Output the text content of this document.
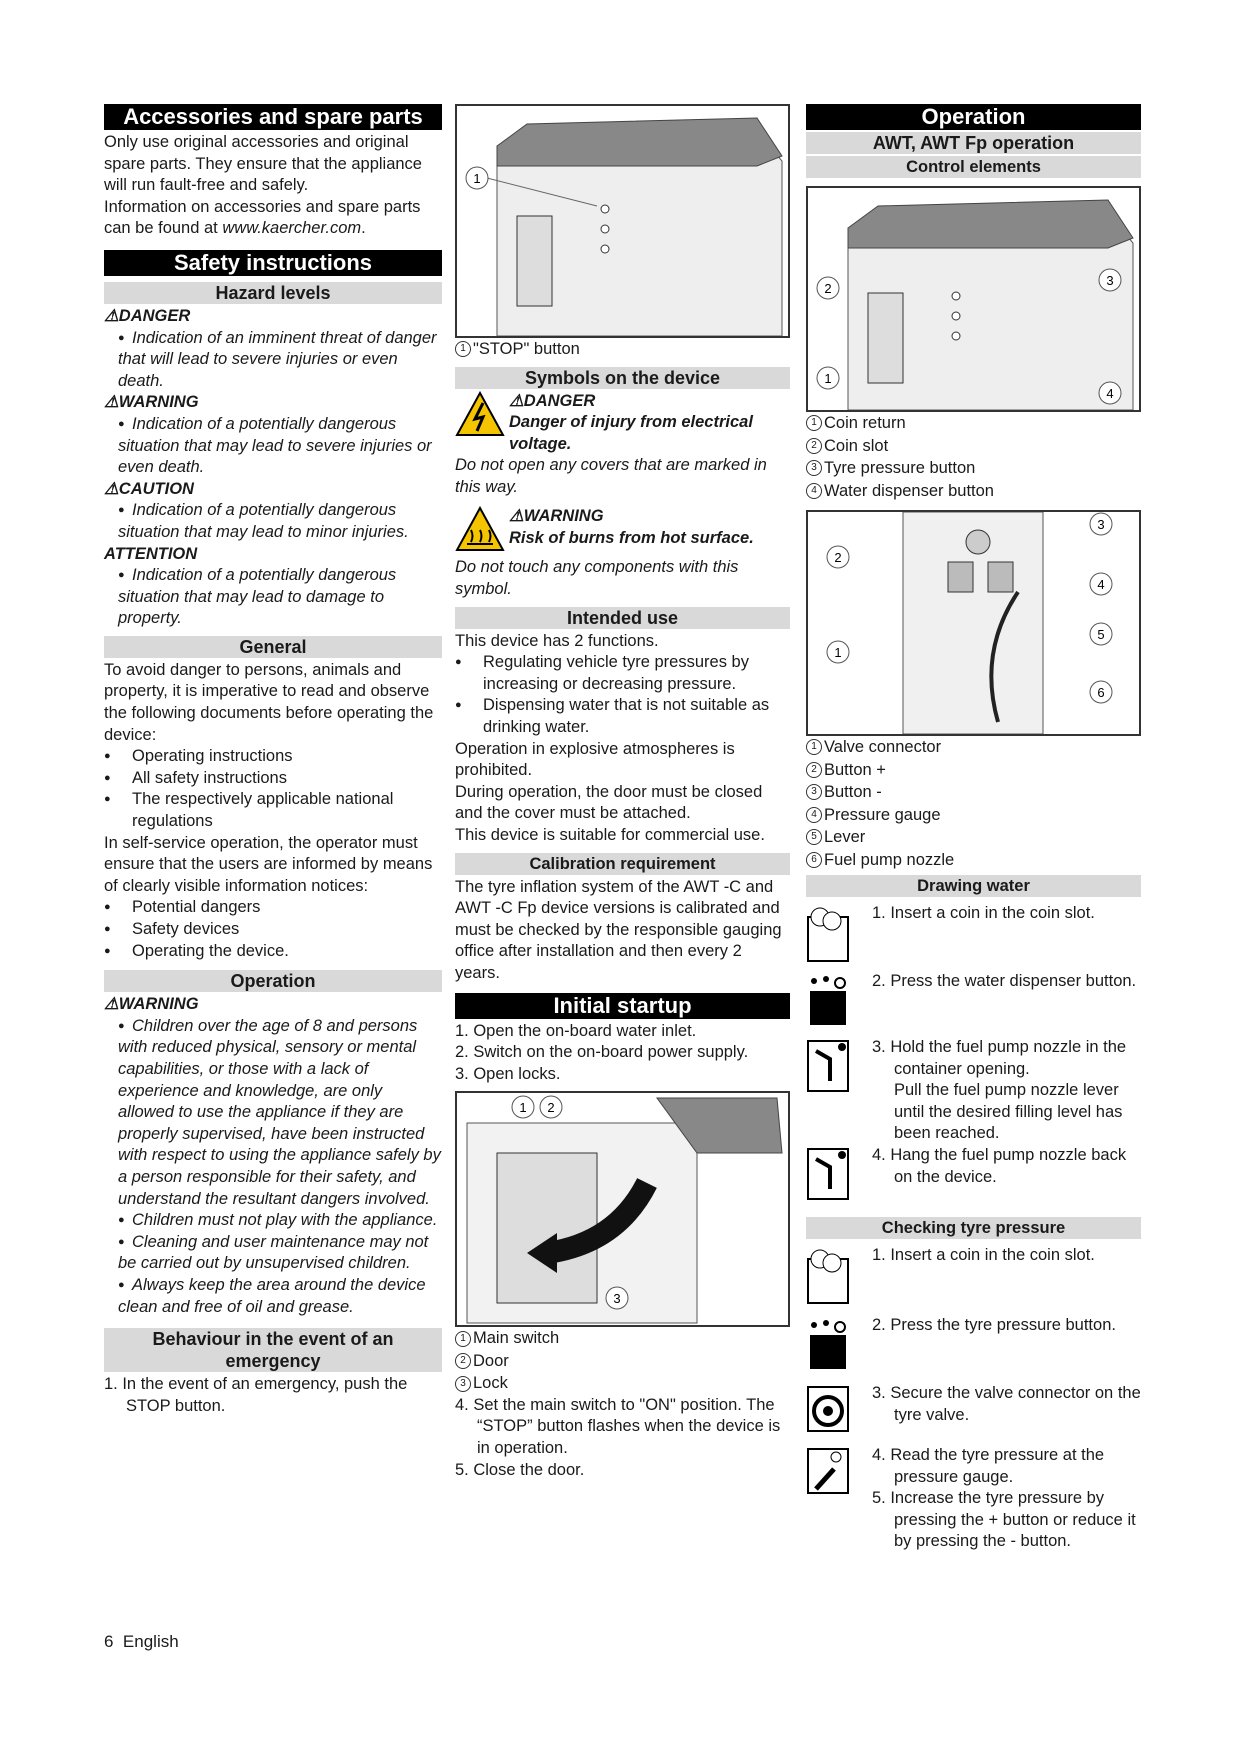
Accessories and spare parts
Only use original accessories and original spare parts. They ensure that the appliance will run fault-free and safely.
Information on accessories and spare parts can be found at www.kaercher.com.
Safety instructions
Hazard levels
⚠DANGER
● Indication of an imminent threat of danger that will lead to severe injuries or even death.
⚠WARNING
● Indication of a potentially dangerous situation that may lead to severe injuries or even death.
⚠CAUTION
● Indication of a potentially dangerous situation that may lead to minor injuries.
ATTENTION
● Indication of a potentially dangerous situation that may lead to damage to property.
General
To avoid danger to persons, animals and property, it is imperative to read and observe the following documents before operating the device:
● Operating instructions
● All safety instructions
● The respectively applicable national regulations
In self-service operation, the operator must ensure that the users are informed by means of clearly visible information notices:
● Potential dangers
● Safety devices
● Operating the device.
Operation
⚠WARNING
● Children over the age of 8 and persons with reduced physical, sensory or mental capabilities, or those with a lack of experience and knowledge, are only allowed to use the appliance if they are properly supervised, have been instructed with respect to using the appliance safely by a person responsible for their safety, and understand the resultant dangers involved.
● Children must not play with the appliance.
● Cleaning and user maintenance may not be carried out by unsupervised children.
● Always keep the area around the device clean and free of oil and grease.
Behaviour in the event of an emergency
1. In the event of an emergency, push the STOP button.
1
1 "STOP" button
Symbols on the device
⚠DANGER
Danger of injury from electrical voltage.
Do not open any covers that are marked in this way.
⚠WARNING
Risk of burns from hot surface.
Do not touch any components with this symbol.
Intended use
This device has 2 functions.
● Regulating vehicle tyre pressures by increasing or decreasing pressure.
● Dispensing water that is not suitable as drinking water.
Operation in explosive atmospheres is prohibited.
During operation, the door must be closed and the cover must be attached.
This device is suitable for commercial use.
Calibration requirement
The tyre inflation system of the AWT -C and AWT -C Fp device versions is calibrated and must be checked by the responsible gauging office after installation and then every 2 years.
Initial startup
1. Open the on-board water inlet.
2. Switch on the on-board power supply.
3. Open locks.
1 2
3
1 Main switch
2 Door
3 Lock
4. Set the main switch to "ON" position. The “STOP” button flashes when the device is in operation.
5. Close the door.
Operation
AWT, AWT Fp operation
Control elements
2
3
1
4
1 Coin return
2 Coin slot
3 Tyre pressure button
4 Water dispenser button
2
1
3
4
5
6
1 Valve connector
2 Button +
3 Button -
4 Pressure gauge
5 Lever
6 Fuel pump nozzle
Drawing water
1. Insert a coin in the coin slot.
2. Press the water dispenser button.
3. Hold the fuel pump nozzle in the container opening.
Pull the fuel pump nozzle lever until the desired filling level has been reached.
4. Hang the fuel pump nozzle back on the device.
Checking tyre pressure
1. Insert a coin in the coin slot.
2. Press the tyre pressure button.
3. Secure the valve connector on the tyre valve.
4. Read the tyre pressure at the pressure gauge.
5. Increase the tyre pressure by pressing the + button or reduce it by pressing the - button.
6 English
